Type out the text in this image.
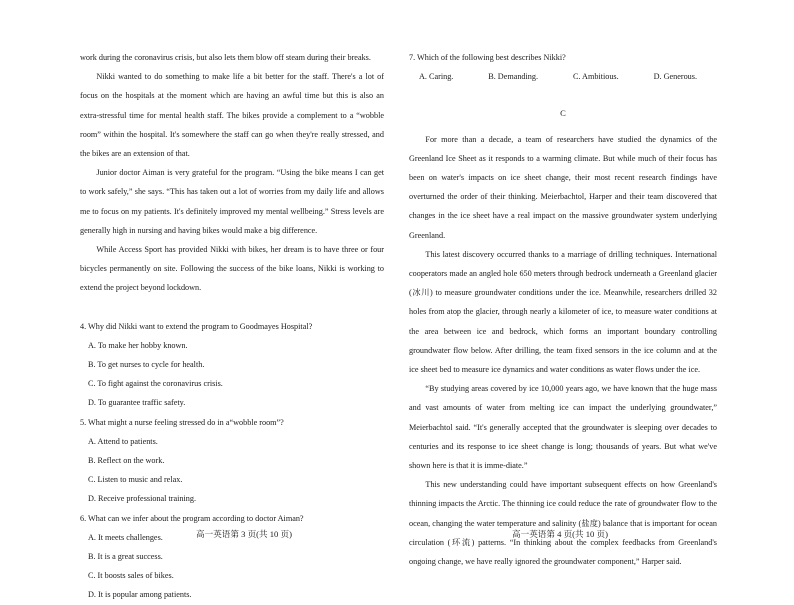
work during the coronavirus crisis, but also lets them blow off steam during their breaks.

Nikki wanted to do something to make life a bit better for the staff. There's a lot of focus on the hospitals at the moment which are having an awful time but this is also an extra-stressful time for mental health staff. The bikes provide a complement to a “wobble room” within the hospital. It's somewhere the staff can go when they're really stressed, and the bikes are an extension of that.

Junior doctor Aiman is very grateful for the program. “Using the bike means I can get to work safely,” she says. “This has taken out a lot of worries from my daily life and allows me to focus on my patients. It's definitely improved my mental wellbeing.” Stress levels are generally high in nursing and having bikes would make a big difference.

While Access Sport has provided Nikki with bikes, her dream is to have three or four bicycles permanently on site. Following the success of the bike loans, Nikki is working to extend the project beyond lockdown.

4. Why did Nikki want to extend the program to Goodmayes Hospital?

A. To make her hobby known.

B. To get nurses to cycle for health.

C. To fight against the coronavirus crisis.

D. To guarantee traffic safety.

5. What might a nurse feeling stressed do in a“wobble room”?

A. Attend to patients.

B. Reflect on the work.

C. Listen to music and relax.

D. Receive professional training.

6. What can we infer about the program according to doctor Aiman?

A. It meets challenges.

B. It is a great success.

C. It boosts sales of bikes.

D. It is popular among patients.

7. Which of the following best describes Nikki?

A. Caring.	B. Demanding.	C. Ambitious.	D. Generous.
C

For more than a decade, a team of researchers have studied the dynamics of the Greenland Ice Sheet as it responds to a warming climate. But while much of their focus has been on water's impacts on ice sheet change, their most recent research findings have overturned the order of their thinking. Meierbachtol, Harper and their team discovered that changes in the ice sheet have a real impact on the massive groundwater system underlying Greenland.

This latest discovery occurred thanks to a marriage of drilling techniques. International cooperators made an angled hole 650 meters through bedrock underneath a Greenland glacier (冰川) to measure groundwater conditions under the ice. Meanwhile, researchers drilled 32 holes from atop the glacier, through nearly a kilometer of ice, to measure water conditions at the area between ice and bedrock, which forms an important boundary controlling groundwater flow below. After drilling, the team fixed sensors in the ice column and at the ice sheet bed to measure ice dynamics and water conditions as water flows under the ice.

“By studying areas covered by ice 10,000 years ago, we have known that the huge mass and vast amounts of water from melting ice can impact the underlying groundwater,” Meierbachtol said. “It's generally accepted that the groundwater is sleeping over decades to centuries and its response to ice sheet change is long; thousands of years. But what we've shown here is that it is imme-diate.”

This new understanding could have important subsequent effects on how Greenland's thinning impacts the Arctic. The thinning ice could reduce the rate of groundwater flow to the ocean, changing the water temperature and salinity (盐度) balance that is important for ocean circulation (环流) patterns. “In thinking about the complex feedbacks from Greenland's ongoing change, we have really ignored the groundwater component,” Harper said.

高一英语第 3 页(共 10 页)	高一英语第 4 页(共 10 页)
